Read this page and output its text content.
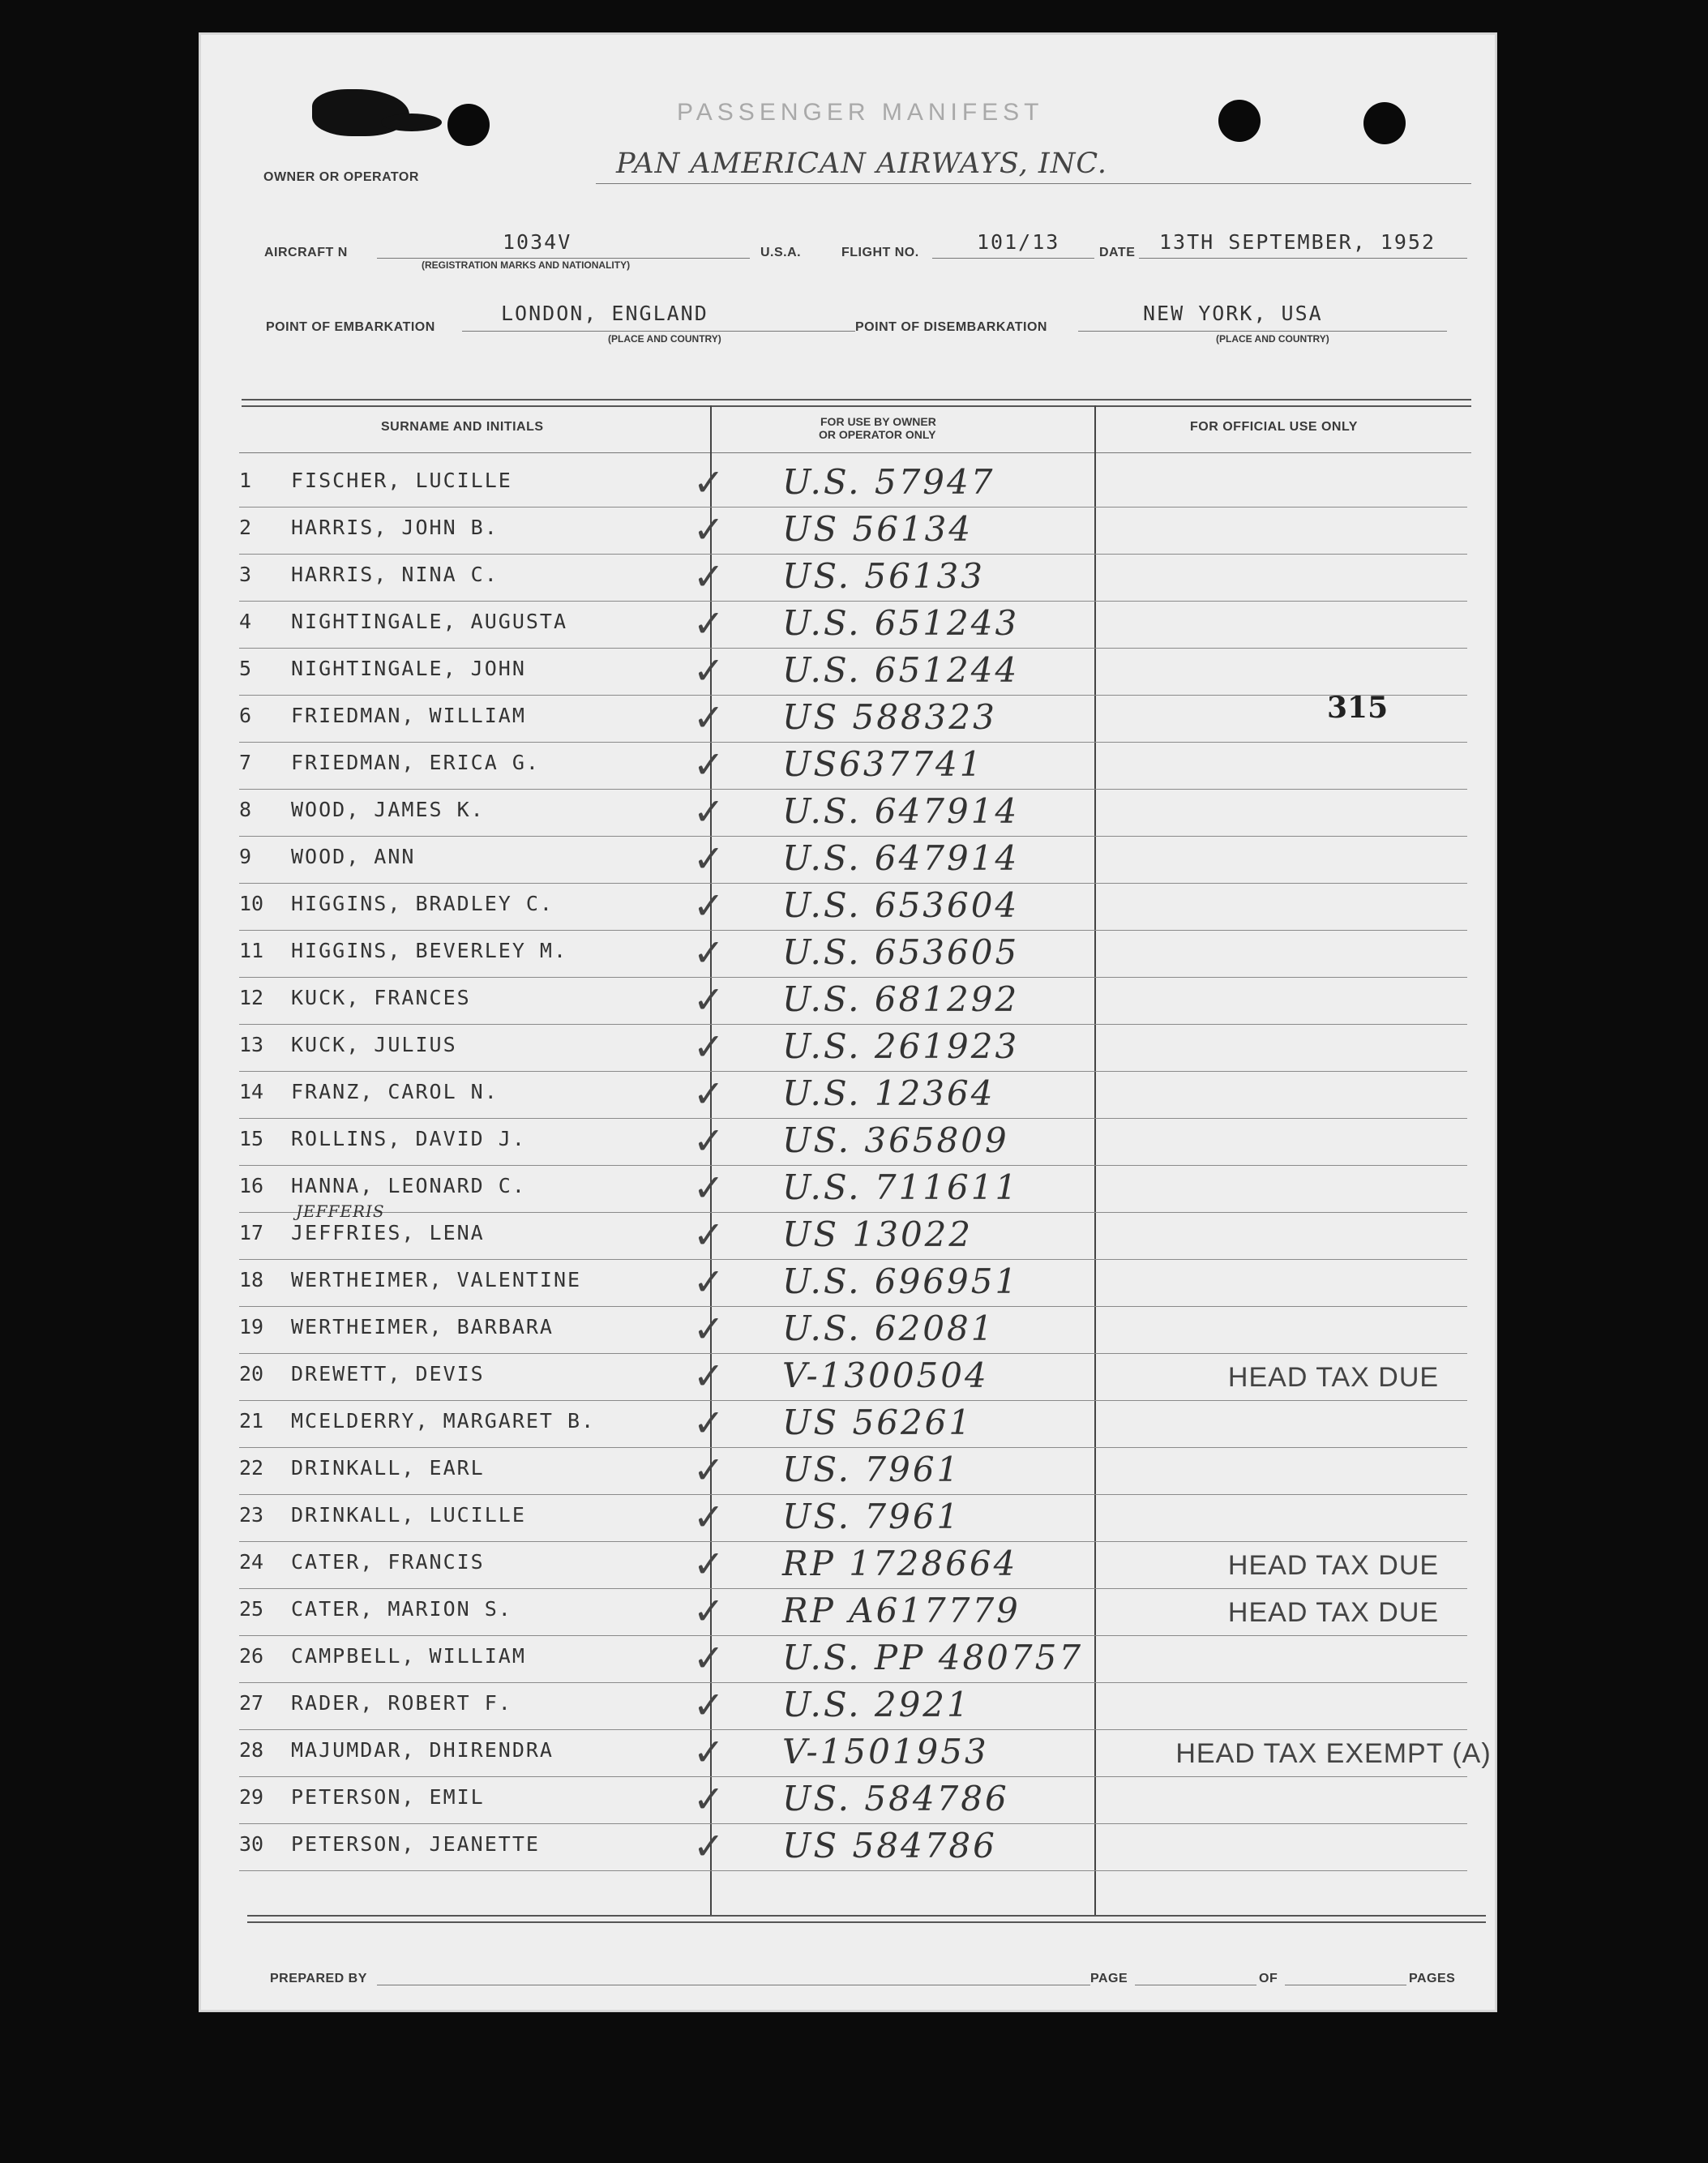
PASSENGER MANIFEST
OWNER OR OPERATOR	PAN AMERICAN AIRWAYS, INC.
AIRCRAFT N	1034V
(REGISTRATION MARKS AND NATIONALITY)
U.S.A.	FLIGHT NO.	101/13	DATE 13TH SEPTEMBER, 1952
POINT OF EMBARKATION
LONDON, ENGLAND
(PLACE AND COUNTRY)
POINT OF DISEMBARKATION
NEW YORK, USA
(PLACE AND COUNTRY)
SURNAME AND INITIALS	FOR USE BY OWNER
OR OPERATOR ONLY
FOR OFFICIAL USE ONLY
315
1	FISCHER, LUCILLE	✓ U.S. 57947
2	HARRIS, JOHN B.	✓ US 56134
3	HARRIS, NINA C.	✓ US. 56133
4	NIGHTINGALE, AUGUSTA	✓ U.S. 651243
5	NIGHTINGALE, JOHN	✓ U.S. 651244
6	FRIEDMAN, WILLIAM	✓ US 588323
7	FRIEDMAN, ERICA G.	✓ US637741
8	WOOD, JAMES K.	✓ U.S. 647914
9	WOOD, ANN	✓ U.S. 647914
10	HIGGINS, BRADLEY C.	✓ U.S. 653604
11	HIGGINS, BEVERLEY M.	✓ U.S. 653605
12	KUCK, FRANCES	✓ U.S. 681292
13	KUCK, JULIUS	✓ U.S. 261923
14	FRANZ, CAROL N.	✓ U.S. 12364
15	ROLLINS, DAVID J.	✓ US. 365809
16	HANNA, LEONARD C.	✓ U.S. 711611
17	JEFFRIES, LENA	✓ US 13022
JEFFERIS
18	WERTHEIMER, VALENTINE	✓ U.S. 696951
19	WERTHEIMER, BARBARA	✓ U.S. 62081
20	DREWETT, DEVIS	✓ V-1300504	HEAD TAX DUE
21	MCELDERRY, MARGARET B.	✓ US 56261
22	DRINKALL, EARL	✓ US. 7961
23	DRINKALL, LUCILLE	✓ US. 7961
24	CATER, FRANCIS	✓ RP 1728664	HEAD TAX DUE
25	CATER, MARION S.	✓ RP A617779	HEAD TAX DUE
26	CAMPBELL, WILLIAM	✓ U.S. PP 480757
27	RADER, ROBERT F.	✓ U.S. 2921
28	MAJUMDAR, DHIRENDRA	✓ V-1501953	HEAD TAX EXEMPT (A)
29	PETERSON, EMIL	✓ US. 584786
30	PETERSON, JEANETTE	✓ US 584786
PREPARED BY	PAGE	OF	PAGES
